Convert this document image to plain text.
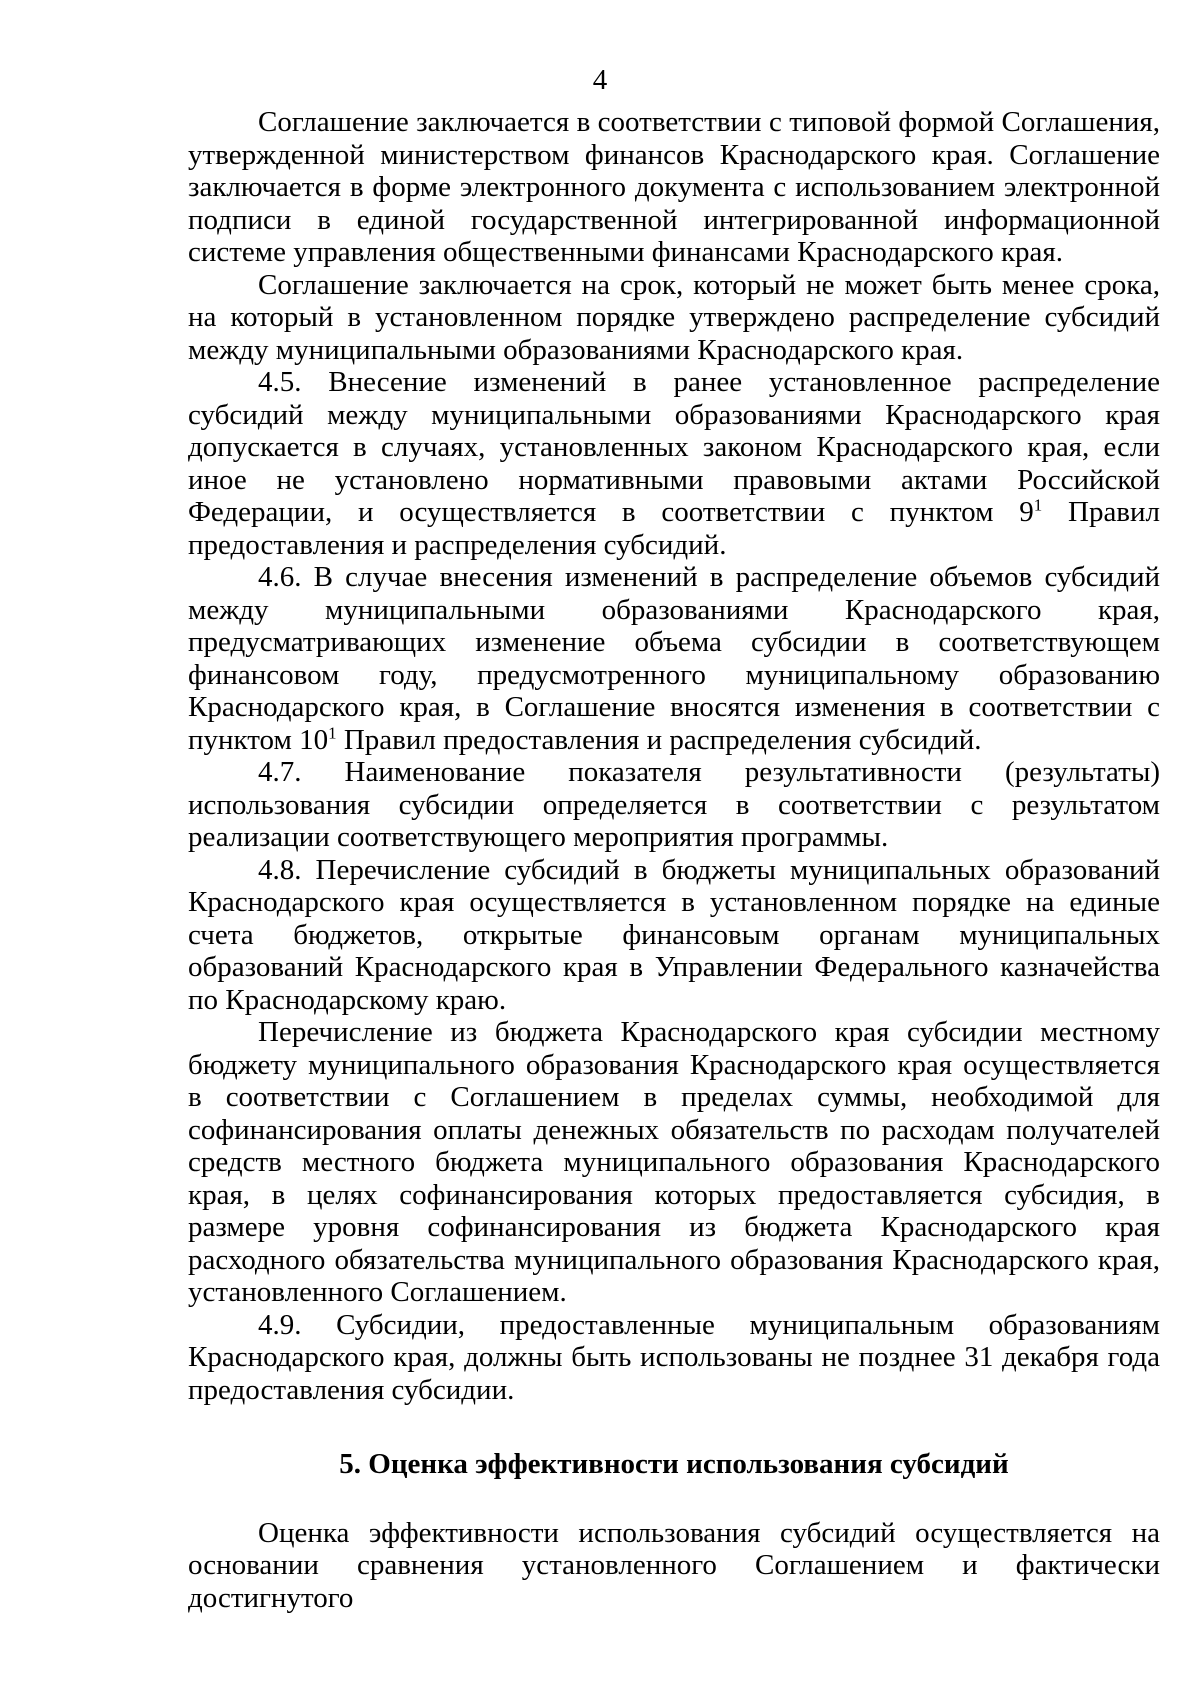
4

Соглашение заключается в соответствии с типовой формой Соглашения, утвержденной министерством финансов Краснодарского края. Соглашение заключается в форме электронного документа с использованием электронной подписи в единой государственной интегрированной информационной системе управления общественными финансами Краснодарского края.

Соглашение заключается на срок, который не может быть менее срока, на который в установленном порядке утверждено распределение субсидий между муниципальными образованиями Краснодарского края.

4.5. Внесение изменений в ранее установленное распределение субсидий между муниципальными образованиями Краснодарского края допускается в случаях, установленных законом Краснодарского края, если иное не установлено нормативными правовыми актами Российской Федерации, и осуществляется в соответствии с пунктом $9^1$ Правил предоставления и распределения субсидий.

4.6. В случае внесения изменений в распределение объемов субсидий между муниципальными образованиями Краснодарского края, предусматривающих изменение объема субсидии в соответствующем финансовом году, предусмотренного муниципальному образованию Краснодарского края, в Соглашение вносятся изменения в соответствии с пунктом $10^1$ Правил предоставления и распределения субсидий.

4.7. Наименование показателя результативности (результаты) использования субсидии определяется в соответствии с результатом реализации соответствующего мероприятия программы.

4.8. Перечисление субсидий в бюджеты муниципальных образований Краснодарского края осуществляется в установленном порядке на единые счета бюджетов, открытые финансовым органам муниципальных образований Краснодарского края в Управлении Федерального казначейства по Краснодарскому краю.

Перечисление из бюджета Краснодарского края субсидии местному бюджету муниципального образования Краснодарского края осуществляется в соответствии с Соглашением в пределах суммы, необходимой для софинансирования оплаты денежных обязательств по расходам получателей средств местного бюджета муниципального образования Краснодарского края, в целях софинансирования которых предоставляется субсидия, в размере уровня софинансирования из бюджета Краснодарского края расходного обязательства муниципального образования Краснодарского края, установленного Соглашением.

4.9. Субсидии, предоставленные муниципальным образованиям Краснодарского края, должны быть использованы не позднее 31 декабря года предоставления субсидии.

5. Оценка эффективности использования субсидий

Оценка эффективности использования субсидий осуществляется на основании сравнения установленного Соглашением и фактически достигнутого
